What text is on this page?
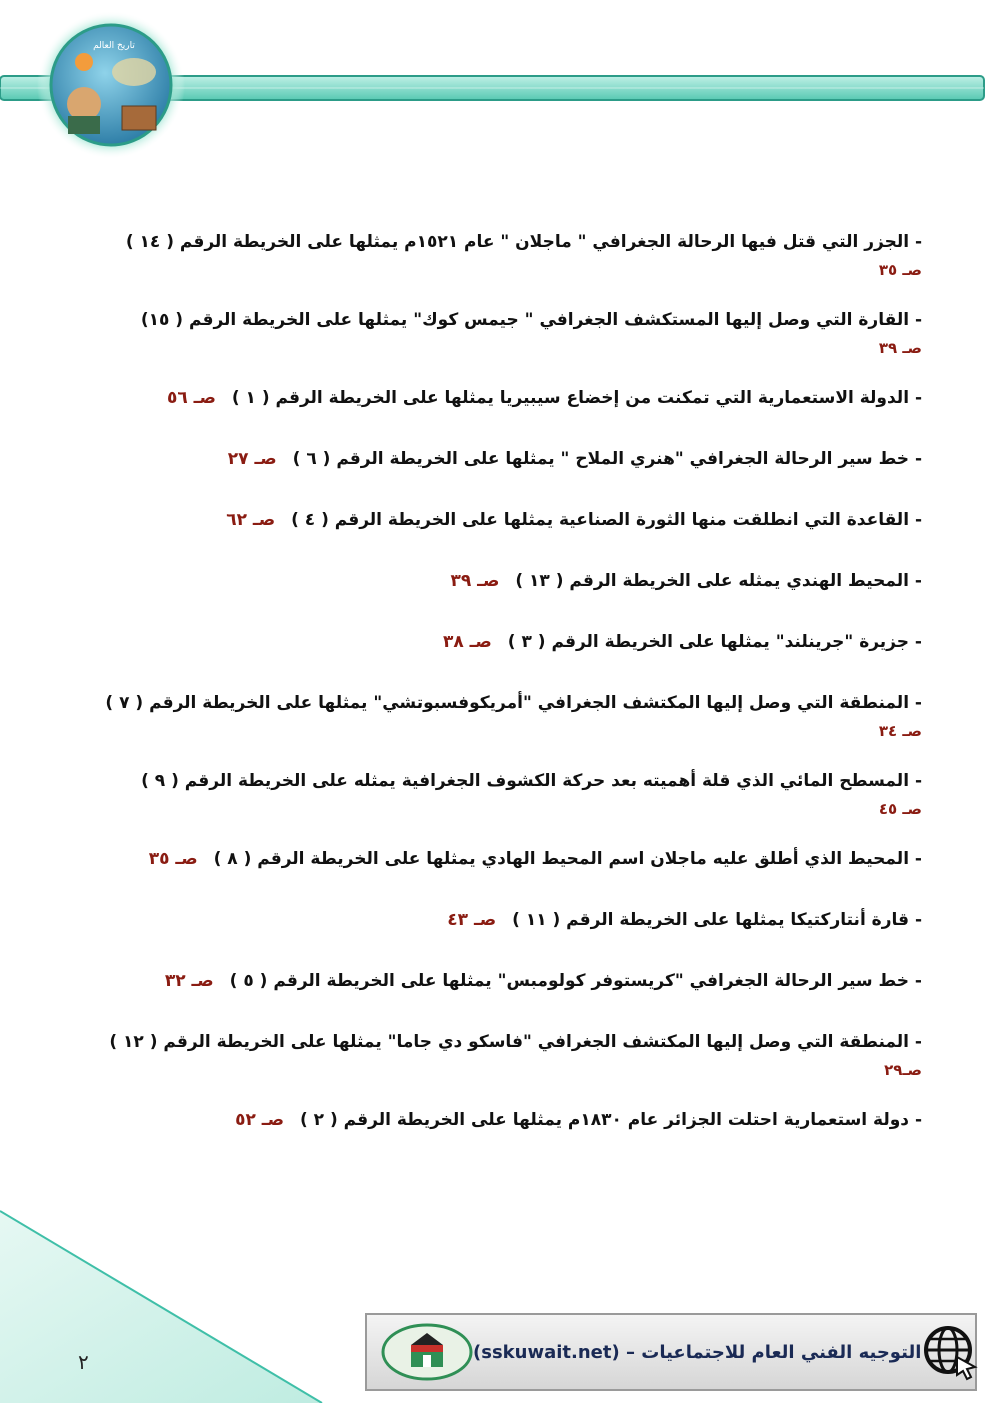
تاريخ العالم
- الجزر التي قتل فيها الرحالة الجغرافي " ماجلان " عام ١٥٢١م يمثلها على الخريطة الرقم ( ١٤ )
صـ ٣٥
- القارة التي وصل إليها المستكشف الجغرافي " جيمس كوك" يمثلها على الخريطة الرقم ( ١٥)
صـ ٣٩
- الدولة الاستعمارية التي تمكنت من إخضاع سيبيريا يمثلها على الخريطة الرقم ( ١ ) صـ ٥٦
- خط سير الرحالة الجغرافي "هنري الملاح " يمثلها على الخريطة الرقم ( ٦ ) صـ ٢٧
- القاعدة التي انطلقت منها الثورة الصناعية يمثلها على الخريطة الرقم ( ٤ ) صـ ٦٢
- المحيط الهندي يمثله على الخريطة الرقم ( ١٣ ) صـ ٣٩
- جزيرة "جرينلند" يمثلها على الخريطة الرقم ( ٣ ) صـ ٣٨
- المنطقة التي وصل إليها المكتشف الجغرافي "أمريكوفسبوتشي" يمثلها على الخريطة الرقم ( ٧ )
صـ ٣٤
- المسطح المائي الذي قلة أهميته بعد حركة الكشوف الجغرافية يمثله على الخريطة الرقم ( ٩ )
صـ ٤٥
- المحيط الذي أطلق عليه ماجلان اسم المحيط الهادي يمثلها على الخريطة الرقم ( ٨ ) صـ ٣٥
- قارة أنتاركتيكا يمثلها على الخريطة الرقم ( ١١ ) صـ ٤٣
- خط سير الرحالة الجغرافي "كريستوفر كولومبس" يمثلها على الخريطة الرقم ( ٥ ) صـ ٣٢
- المنطقة التي وصل إليها المكتشف الجغرافي "فاسكو دي جاما" يمثلها على الخريطة الرقم ( ١٢ )
صـ٢٩
- دولة استعمارية احتلت الجزائر عام ١٨٣٠م يمثلها على الخريطة الرقم ( ٢ ) صـ ٥٢
التوجيه الفني العام للاجتماعيات – (sskuwait.net)
٢
